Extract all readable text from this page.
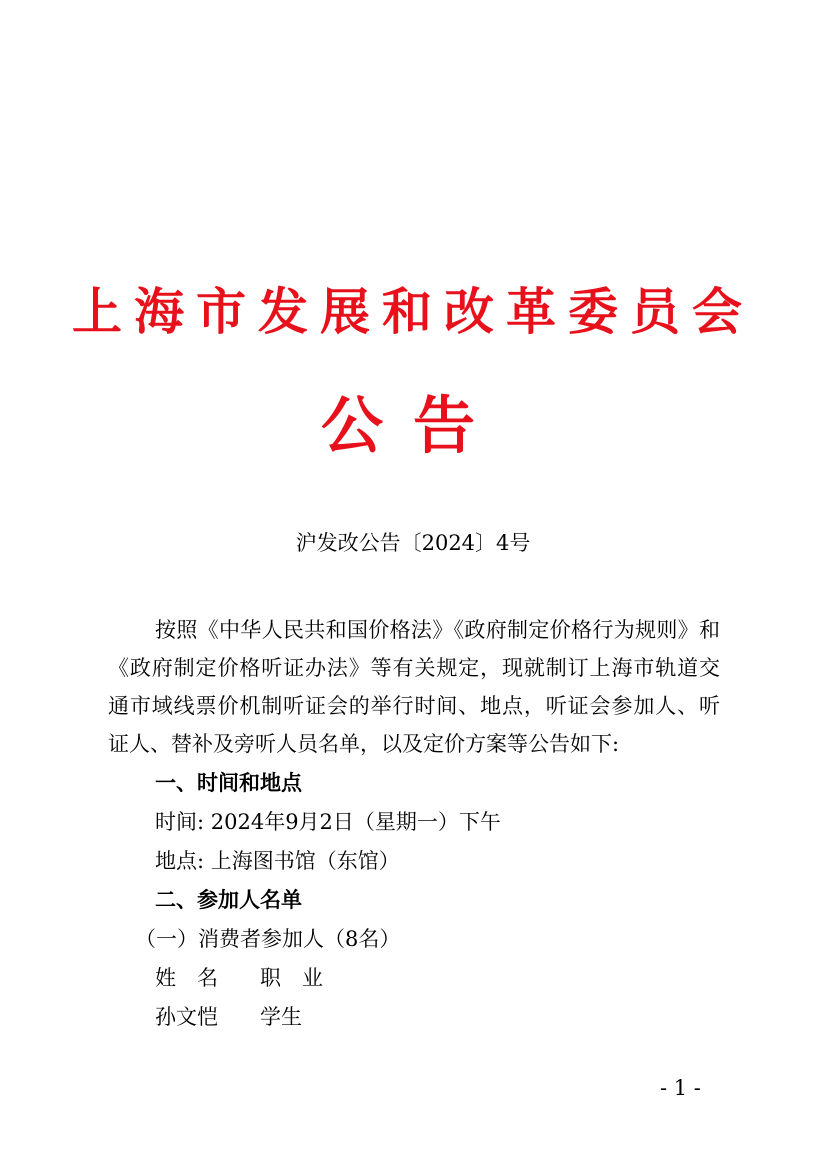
上海市发展和改革委员会
公告
沪发改公告〔2024〕4号
按照《中华人民共和国价格法》《政府制定价格行为规则》和
《政府制定价格听证办法》等有关规定，现就制订上海市轨道交
通市域线票价机制听证会的举行时间、地点，听证会参加人、听
证人、替补及旁听人员名单，以及定价方案等公告如下:
一、时间和地点
时间: 2024年9月2日（星期一）下午
地点: 上海图书馆（东馆）
二、参加人名单
（一）消费者参加人（8名）
姓　名 职　业
孙文恺 学生
- 1 -
